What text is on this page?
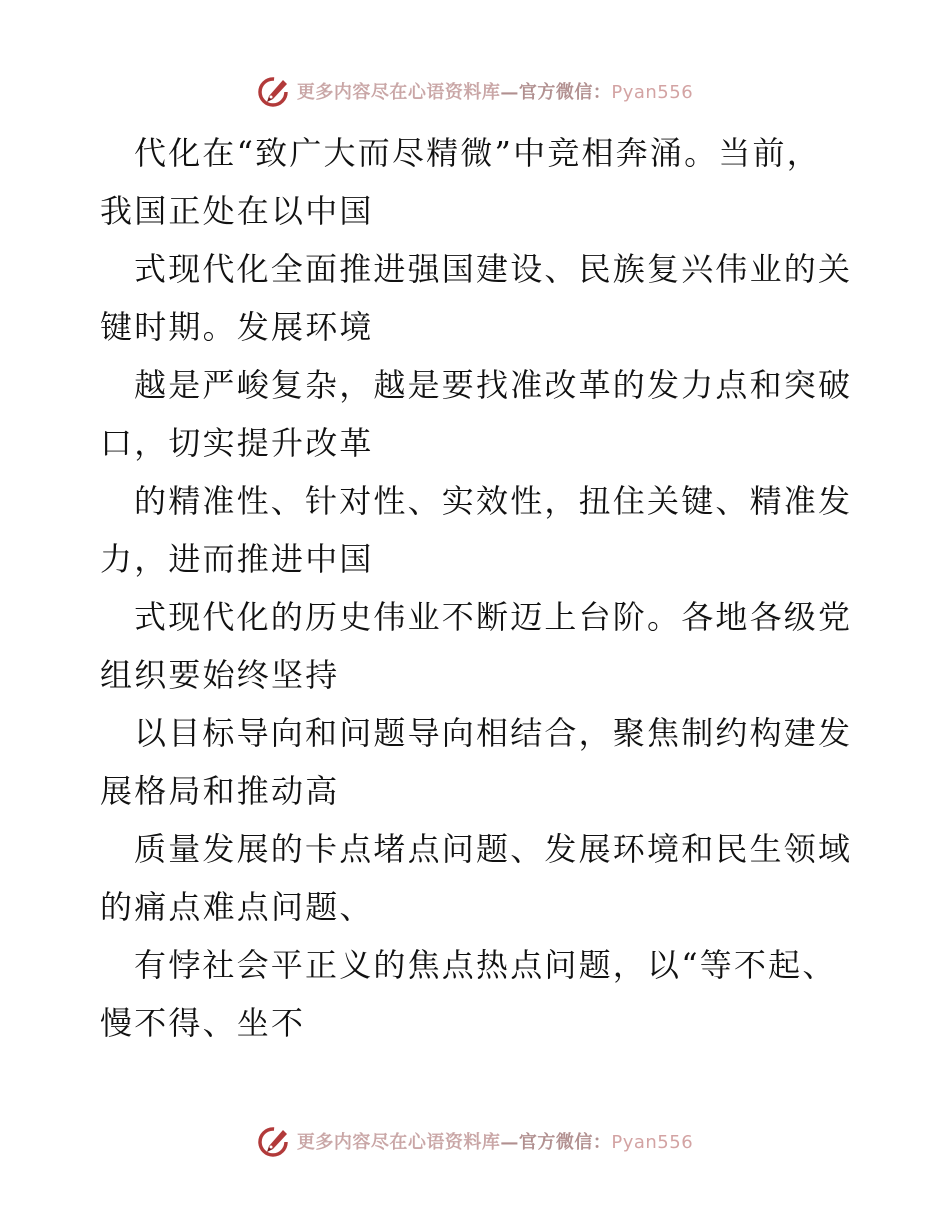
更多内容尽在心语资料库—官方微信：Pyan556
代化在“致广大而尽精微”中竞相奔涌。当前，
我国正处在以中国
式现代化全面推进强国建设、民族复兴伟业的关
键时期。发展环境
越是严峻复杂，越是要找准改革的发力点和突破
口，切实提升改革
的精准性、针对性、实效性，扭住关键、精准发
力，进而推进中国
式现代化的历史伟业不断迈上台阶。各地各级党
组织要始终坚持
以目标导向和问题导向相结合，聚焦制约构建发
展格局和推动高
质量发展的卡点堵点问题、发展环境和民生领域
的痛点难点问题、
有悖社会平正义的焦点热点问题，以“等不起、
慢不得、坐不
更多内容尽在心语资料库—官方微信：Pyan556
